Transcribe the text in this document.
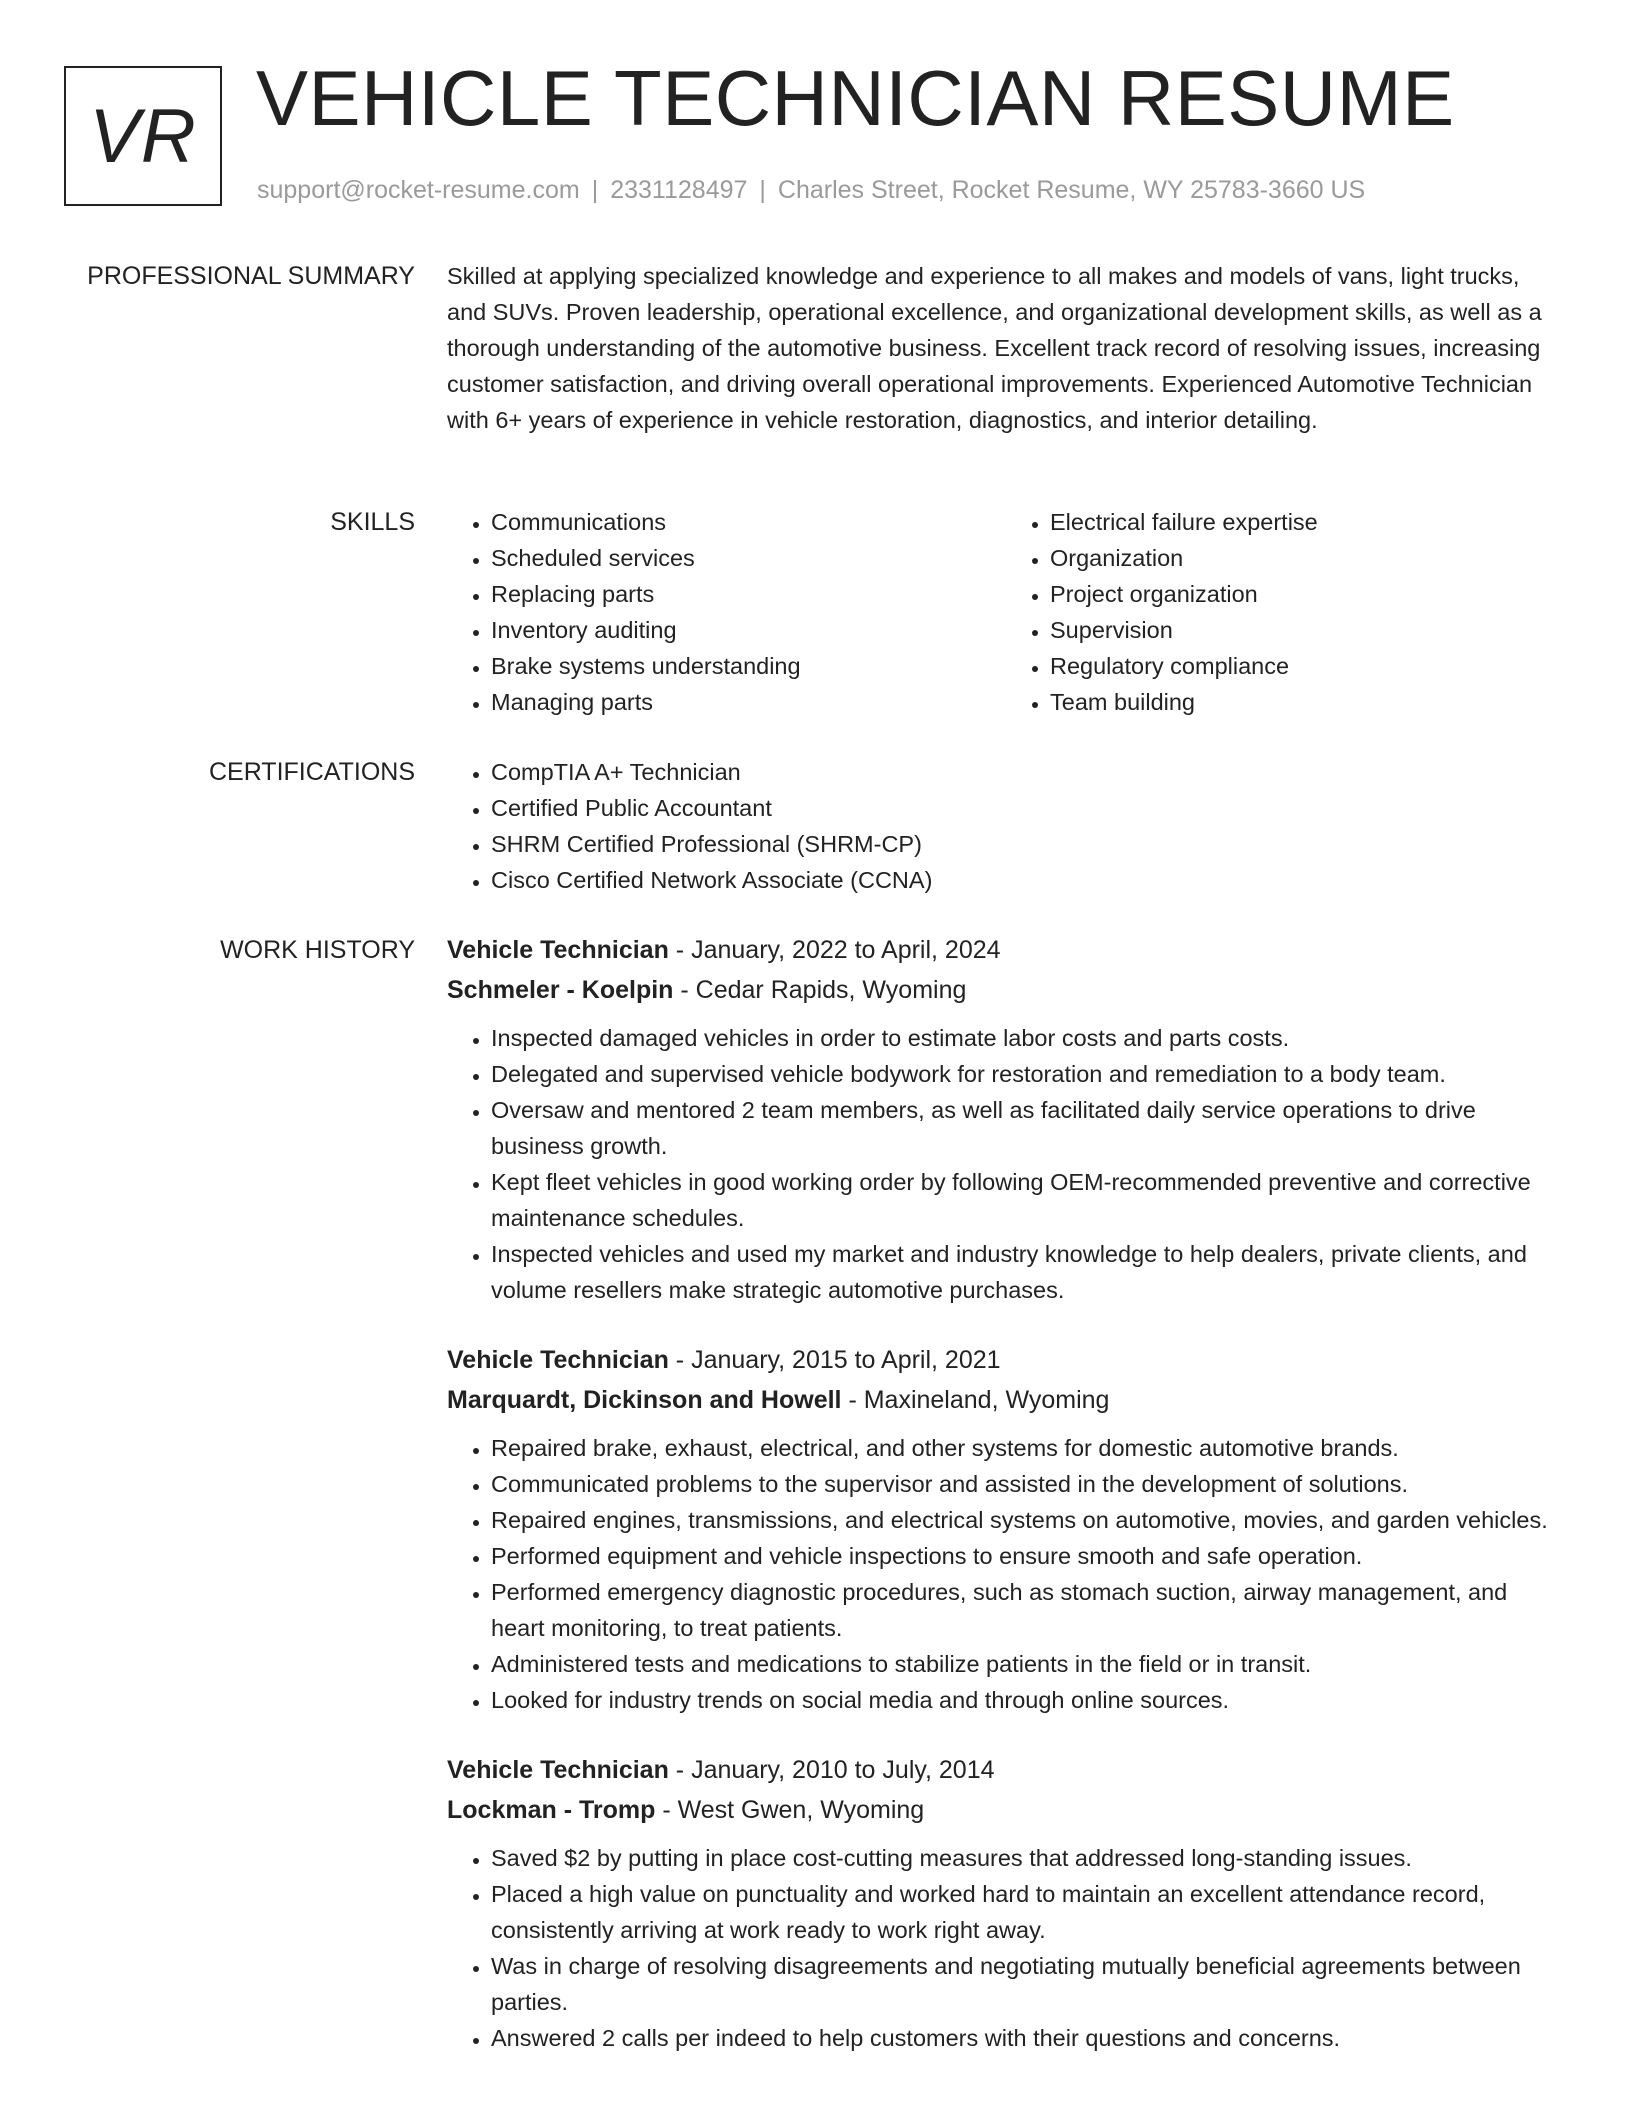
VR VEHICLE TECHNICIAN RESUME
support@rocket-resume.com | 2331128497 | Charles Street, Rocket Resume, WY 25783-3660 US
PROFESSIONAL SUMMARY Skilled at applying specialized knowledge and experience to all makes and models of vans, light trucks, and SUVs. Proven leadership, operational excellence, and organizational development skills, as well as a thorough understanding of the automotive business. Excellent track record of resolving issues, increasing customer satisfaction, and driving overall operational improvements. Experienced Automotive Technician with 6+ years of experience in vehicle restoration, diagnostics, and interior detailing.

SKILLS	• Communications
• Scheduled services
• Replacing parts
• Inventory auditing
• Brake systems understanding
• Managing parts
• Electrical failure expertise
• Organization
• Project organization
• Supervision
• Regulatory compliance
• Team building
CERTIFICATIONS	• CompTIA A+ Technician
• Certified Public Accountant
• SHRM Certified Professional (SHRM-CP)
• Cisco Certified Network Associate (CCNA)
WORK HISTORY Vehicle Technician - January, 2022 to April, 2024
Schmeler - Koelpin - Cedar Rapids, Wyoming
• Inspected damaged vehicles in order to estimate labor costs and parts costs.
• Delegated and supervised vehicle bodywork for restoration and remediation to a body team.
• Oversaw and mentored 2 team members, as well as facilitated daily service operations to drive business growth.
• Kept fleet vehicles in good working order by following OEM-recommended preventive and corrective maintenance schedules.
• Inspected vehicles and used my market and industry knowledge to help dealers, private clients, and volume resellers make strategic automotive purchases.
Vehicle Technician - January, 2015 to April, 2021
Marquardt, Dickinson and Howell - Maxineland, Wyoming
• Repaired brake, exhaust, electrical, and other systems for domestic automotive brands.
• Communicated problems to the supervisor and assisted in the development of solutions.
• Repaired engines, transmissions, and electrical systems on automotive, movies, and garden vehicles.
• Performed equipment and vehicle inspections to ensure smooth and safe operation.
• Performed emergency diagnostic procedures, such as stomach suction, airway management, and heart monitoring, to treat patients.
• Administered tests and medications to stabilize patients in the field or in transit.
• Looked for industry trends on social media and through online sources.
Vehicle Technician - January, 2010 to July, 2014
Lockman - Tromp - West Gwen, Wyoming
• Saved $2 by putting in place cost-cutting measures that addressed long-standing issues.
• Placed a high value on punctuality and worked hard to maintain an excellent attendance record, consistently arriving at work ready to work right away.
• Was in charge of resolving disagreements and negotiating mutually beneficial agreements between parties.
• Answered 2 calls per indeed to help customers with their questions and concerns.
